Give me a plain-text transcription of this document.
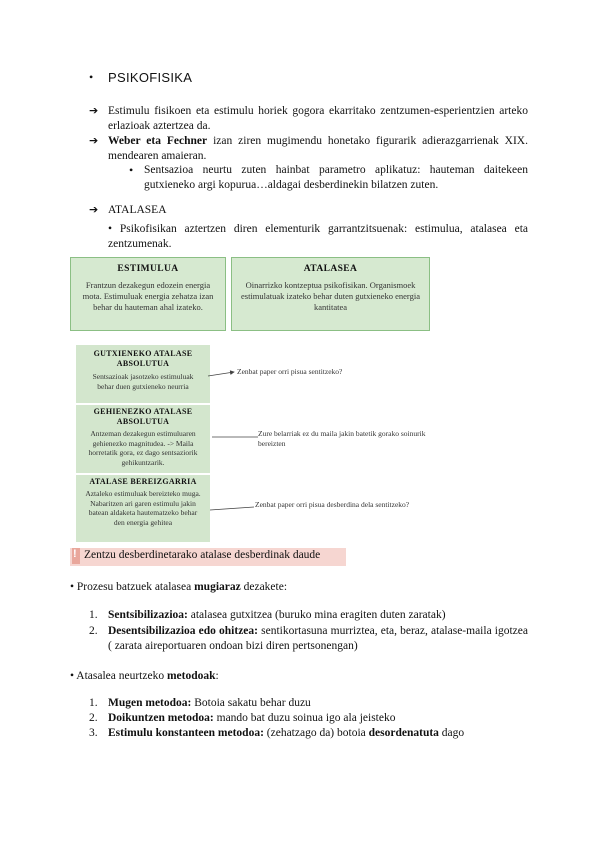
• PSIKOFISIKA
➔ Estimulu fisikoen eta estimulu horiek gogora ekarritako zentzumen-esperientzien arteko erlazioak aztertzea da.
➔ Weber eta Fechner izan ziren mugimendu honetako figurarik adierazgarrienak XIX. mendearen amaieran.
• Sentsazioa neurtu zuten hainbat parametro aplikatuz: hauteman daitekeen gutxieneko argi kopurua…aldagai desberdinekin bilatzen zuten.
➔ ATALASEA
• Psikofisikan aztertzen diren elementurik garrantzitsuenak: estimulua, atalasea eta zentzumenak.
ESTIMULUA
Frantzun dezakegun edozein energia mota. Estimuluak energia zehatza izan behar du hauteman ahal izateko.
ATALASEA
Oinarrizko kontzeptua psikofisikan. Organismoek estimulatuak izateko behar duten gutxieneko energia kantitatea
GUTXIENEKO ATALASE ABSOLUTUA
Sentsazioak jasotzeko estimuluak behar duen gutxieneko neurria
GEHIENEZKO ATALASE ABSOLUTUA
Antzeman dezakegun estimuluaren gehienezko magnitudea. -> Maila horretatik gora, ez dago sentsaziorik gehikuntzarik.
ATALASE BEREIZGARRIA
Aztaleko estimuluak bereizteko muga. Nabaritzen ari garen estimulu jakin batean aldaketa hautematzeko behar den energia gehitea
Zenbat paper orri pisua sentitzeko?
Zure belarriak ez du maila jakin batetik gorako soinurik bereizten
Zenbat paper orri pisua desberdina dela sentitzeko?
! Zentzu desberdinetarako atalase desberdinak daude
• Prozesu batzuek atalasea mugiaraz dezakete:
1. Sentsibilizazioa: atalasea gutxitzea (buruko mina eragiten duten zaratak)
2. Desentsibilizazioa edo ohitzea: sentikortasuna murriztea, eta, beraz, atalase-maila igotzea ( zarata aireportuaren ondoan bizi diren pertsonengan)
• Atasalea neurtzeko metodoak:
1. Mugen metodoa: Botoia sakatu behar duzu
2. Doikuntzen metodoa: mando bat duzu soinua igo ala jeisteko
3. Estimulu konstanteen metodoa: (zehatzago da) botoia desordenatuta dago
